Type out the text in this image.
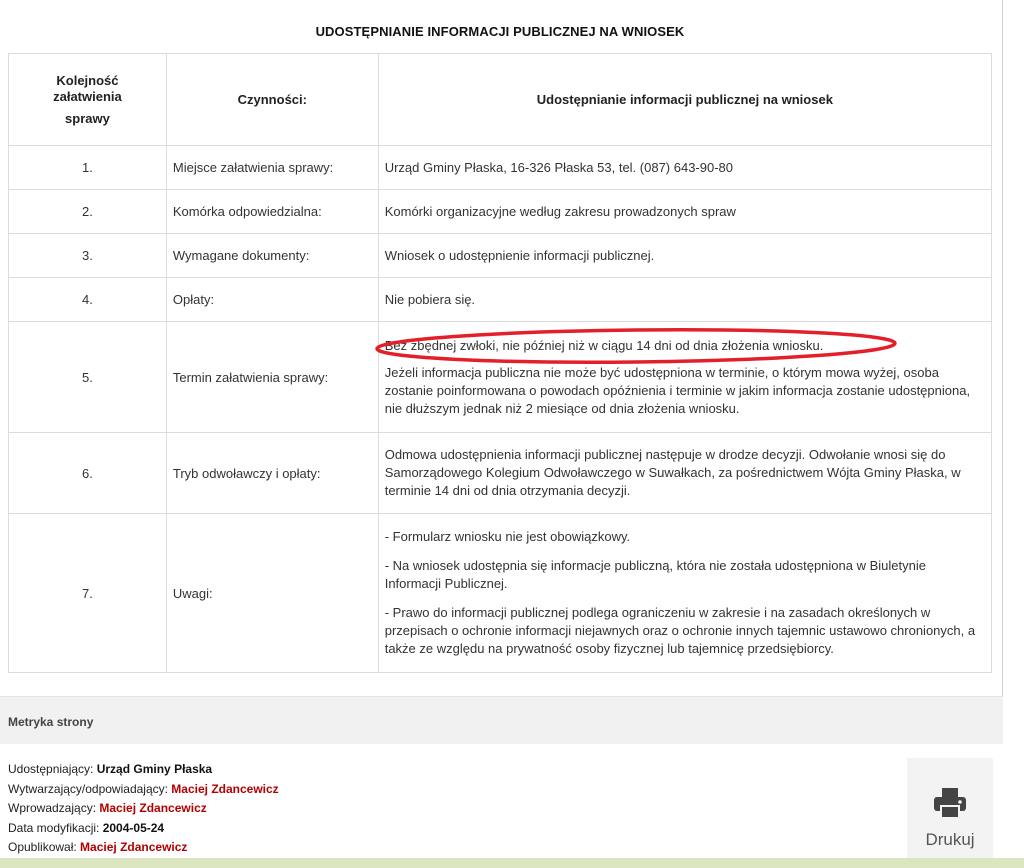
UDOSTĘPNIANIE INFORMACJI PUBLICZNEJ NA WNIOSEK
Kolejność
załatwienia
sprawy	Czynności:	Udostępnianie informacji publicznej na wniosek
1.	Miejsce załatwienia sprawy:	Urząd Gminy Płaska, 16-326 Płaska 53, tel. (087) 643-90-80

2.	Komórka odpowiedzialna:	Komórki organizacyjne według zakresu prowadzonych spraw

3.	Wymagane dokumenty:	Wniosek o udostępnienie informacji publicznej.

4.	Opłaty:	Nie pobiera się.

5.	Termin załatwienia sprawy:	Bez zbędnej zwłoki, nie później niż w ciągu 14 dni od dnia złożenia wniosku.

Jeżeli informacja publiczna nie może być udostępniona w terminie, o którym mowa wyżej, osoba zostanie poinformowana o powodach opóźnienia i terminie w jakim informacja zostanie udostępniona, nie dłuższym jednak niż 2 miesiące od dnia złożenia wniosku.

6.	Tryb odwoławczy i opłaty:	Odmowa udostępnienia informacji publicznej następuje w drodze decyzji. Odwołanie wnosi się do Samorządowego Kolegium Odwoławczego w Suwałkach, za pośrednictwem Wójta Gminy Płaska, w terminie 14 dni od dnia otrzymania decyzji.

7.	Uwagi:	- Formularz wniosku nie jest obowiązkowy.

- Na wniosek udostępnia się informacje publiczną, która nie została udostępniona w Biuletynie Informacji Publicznej.

- Prawo do informacji publicznej podlega ograniczeniu w zakresie i na zasadach określonych w przepisach o ochronie informacji niejawnych oraz o ochronie innych tajemnic ustawowo chronionych, a także ze względu na prywatność osoby fizycznej lub tajemnicę przedsiębiorcy.

Metryka strony
Udostępniający: Urząd Gminy Płaska
Wytwarzający/odpowiadający: Maciej Zdancewicz
Wprowadzający: Maciej Zdancewicz
Data modyfikacji: 2004-05-24
Opublikował: Maciej Zdancewicz	Drukuj
